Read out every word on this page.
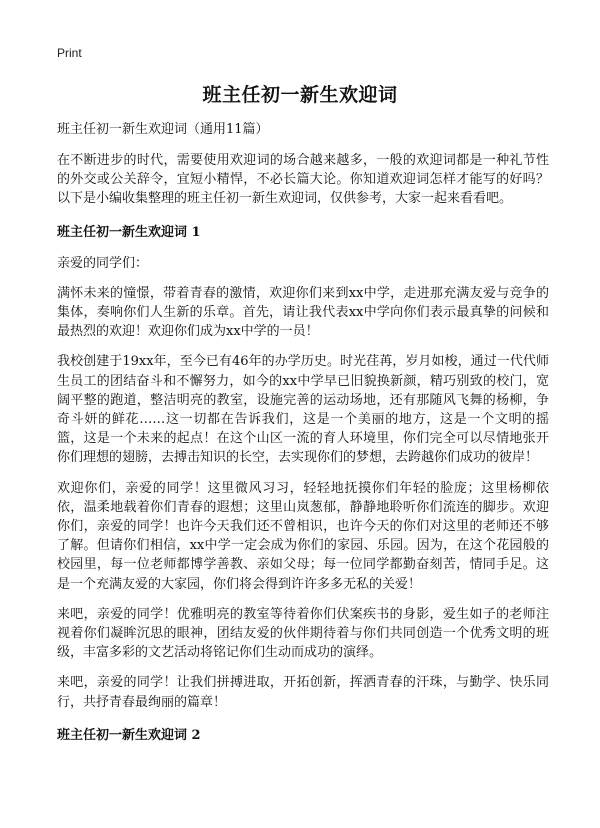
Print
班主任初一新生欢迎词
班主任初一新生欢迎词（通用11篇）

在不断进步的时代，需要使用欢迎词的场合越来越多，一般的欢迎词都是一种礼节性的外交或公关辞令，宜短小精悍，不必长篇大论。你知道欢迎词怎样才能写的好吗？以下是小编收集整理的班主任初一新生欢迎词，仅供参考，大家一起来看看吧。

班主任初一新生欢迎词 1

亲爱的同学们：

满怀未来的憧憬，带着青春的激情，欢迎你们来到xx中学，走进那充满友爱与竞争的集体，奏响你们人生新的乐章。首先，请让我代表xx中学向你们表示最真挚的问候和最热烈的欢迎！欢迎你们成为xx中学的一员！

我校创建于19xx年，至今已有46年的办学历史。时光荏苒，岁月如梭，通过一代代师生员工的团结奋斗和不懈努力，如今的xx中学早已旧貌换新颜，精巧别致的校门，宽阔平整的跑道，整洁明亮的教室，设施完善的运动场地，还有那随风飞舞的杨柳，争奇斗妍的鲜花……这一切都在告诉我们，这是一个美丽的地方，这是一个文明的摇篮，这是一个未来的起点！在这个山区一流的育人环境里，你们完全可以尽情地张开你们理想的翅膀，去搏击知识的长空，去实现你们的梦想，去跨越你们成功的彼岸！

欢迎你们，亲爱的同学！这里微风习习，轻轻地抚摸你们年轻的脸庞；这里杨柳依依，温柔地载着你们青春的遐想；这里山岚葱郁，静静地聆听你们流连的脚步。欢迎你们，亲爱的同学！也许今天我们还不曾相识，也许今天的你们对这里的老师还不够了解。但请你们相信，xx中学一定会成为你们的家园、乐园。因为，在这个花园般的校园里，每一位老师都博学善教、亲如父母；每一位同学都勤奋刻苦，情同手足。这是一个充满友爱的大家园，你们将会得到许许多多无私的关爱！

来吧，亲爱的同学！优雅明亮的教室等待着你们伏案疾书的身影，爱生如子的老师注视着你们凝眸沉思的眼神，团结友爱的伙伴期待着与你们共同创造一个优秀文明的班级，丰富多彩的文艺活动将铭记你们生动而成功的演绎。

来吧，亲爱的同学！让我们拼搏进取，开拓创新，挥洒青春的汗珠，与勤学、快乐同行，共抒青春最绚丽的篇章！

班主任初一新生欢迎词 2
